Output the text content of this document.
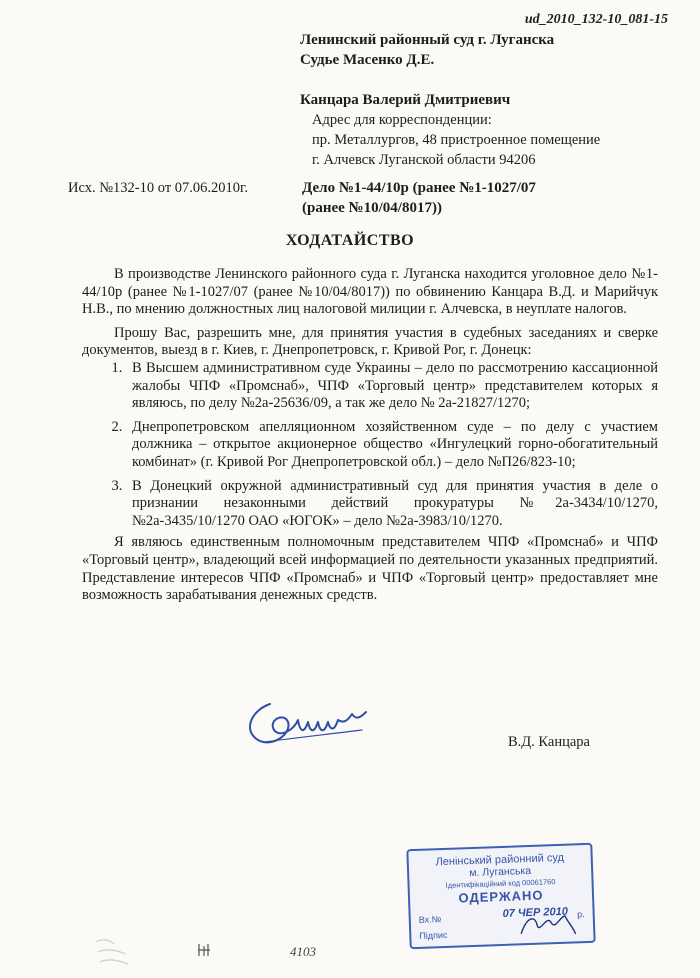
ud_2010_132-10_081-15
Ленинский районный суд г. Луганска
Судье Масенко Д.Е.
Канцара Валерий Дмитриевич
Адрес для корреспонденции:
пр. Металлургов, 48 пристроенное помещение
г. Алчевск Луганской области 94206
Исх. №132-10 от 07.06.2010г.	Дело №1-44/10р (ранее №1-1027/07
(ранее №10/04/8017))
ХОДАТАЙСТВО

В производстве Ленинского районного суда г. Луганска находится уголовное дело №1-44/10р (ранее №1-1027/07 (ранее №10/04/8017)) по обвинению Канцара В.Д. и Марийчук Н.В., по мнению должностных лиц налоговой милиции г. Алчевска, в неуплате налогов.

Прошу Вас, разрешить мне, для принятия участия в судебных заседаниях и сверке документов, выезд в г. Киев, г. Днепропетровск, г. Кривой Рог, г. Донецк:

1. В Высшем административном суде Украины – дело по рассмотрению кассационной жалобы ЧПФ «Промснаб», ЧПФ «Торговый центр» представителем которых я являюсь, по делу №2а-25636/09, а так же дело № 2а-21827/1270;
2. Днепропетровском апелляционном хозяйственном суде – по делу с участием должника – открытое акционерное общество «Ингулецкий горно-обогатительный комбинат» (г. Кривой Рог Днепропетровской обл.) – дело №П26/823-10;
3. В Донецкий окружной административный суд для принятия участия в деле о признании незаконными действий прокуратуры №2а-3434/10/1270, №2а-3435/10/1270 ОАО «ЮГОК» – дело №2а-3983/10/1270.

Я являюсь единственным полномочным представителем ЧПФ «Промснаб» и ЧПФ «Торговый центр», владеющий всей информацией по деятельности указанных предприятий. Представление интересов ЧПФ «Промснаб» и ЧПФ «Торговый центр» предоставляет мне возможность зарабатывания денежных средств.

В.Д. Канцара
Ленінський районний суд
м. Луганська
Ідентифікаційний код 00061760
ОДЕРЖАНО
Вх.№	р.
07 ЧЕР 2010
Підпис
4103
